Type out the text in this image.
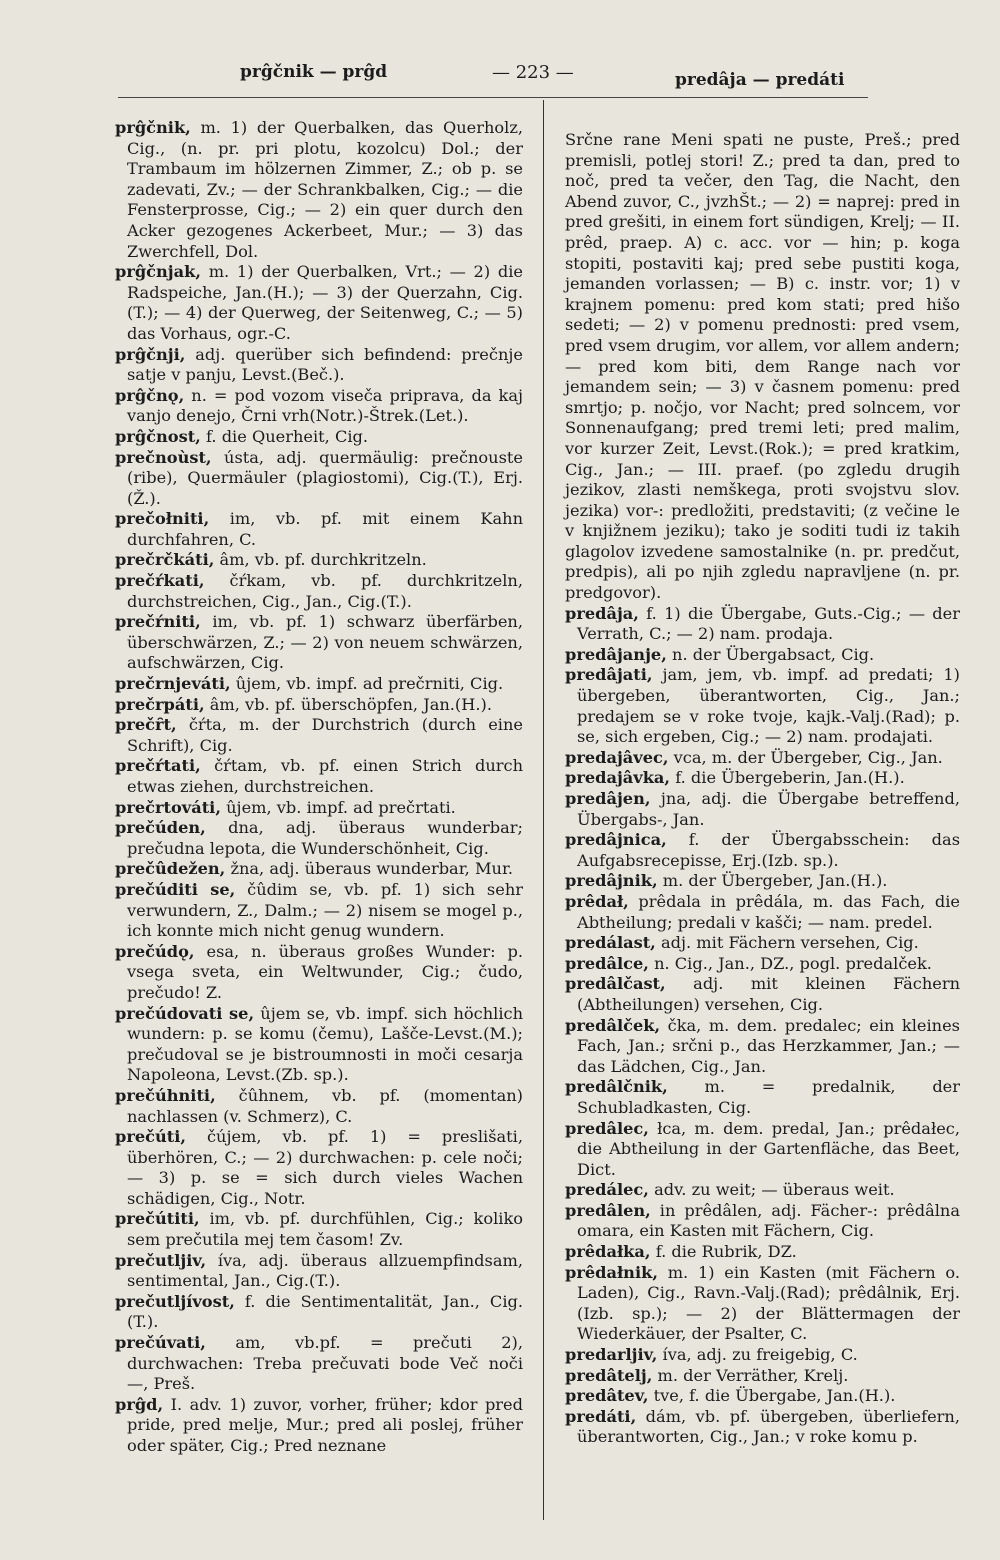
prĝčnik — prĝd	— 223 —	predâja — predáti

prĝčnik, m. 1) der Querbalken, das Querholz, Cig., (n. pr. pri plotu, kozolcu) Dol.; der Trambaum im hölzernen Zimmer, Z.; ob p. se zadevati, Zv.; — der Schrankbalken, Cig.; — die Fensterprosse, Cig.; — 2) ein quer durch den Acker gezogenes Ackerbeet, Mur.; — 3) das Zwerchfell, Dol.

prĝčnjak, m. 1) der Querbalken, Vrt.; — 2) die Radspeiche, Jan.(H.); — 3) der Querzahn, Cig. (T.); — 4) der Querweg, der Seitenweg, C.; — 5) das Vorhaus, ogr.-C.

prĝčnji, adj. querüber sich befindend: prečnje satje v panju, Levst.(Beč.).

prĝčnǫ, n. = pod vozom viseča priprava, da kaj vanjo denejo, Črni vrh(Notr.)-Štrek.(Let.).

prĝčnost, f. die Querheit, Cig.

prečnoùst, ústa, adj. quermäulig: prečnouste (ribe), Quermäuler (plagiostomi), Cig.(T.), Erj.(Ž.).

prečołniti, im, vb. pf. mit einem Kahn durchfahren, C.

prečrčkáti, âm, vb. pf. durchkritzeln.

prečŕkati, čŕkam, vb. pf. durchkritzeln, durchstreichen, Cig., Jan., Cig.(T.).

prečŕniti, im, vb. pf. 1) schwarz überfärben, überschwärzen, Z.; — 2) von neuem schwärzen, aufschwärzen, Cig.

prečrnjeváti, ûjem, vb. impf. ad prečrniti, Cig.

prečrpáti, âm, vb. pf. überschöpfen, Jan.(H.).

prečȓt, čŕta, m. der Durchstrich (durch eine Schrift), Cig.

prečŕtati, čŕtam, vb. pf. einen Strich durch etwas ziehen, durchstreichen.

prečrtováti, ûjem, vb. impf. ad prečrtati.

prečúden, dna, adj. überaus wunderbar; prečudna lepota, die Wunderschönheit, Cig.

prečûdežen, žna, adj. überaus wunderbar, Mur.

prečúditi se, čûdim se, vb. pf. 1) sich sehr verwundern, Z., Dalm.; — 2) nisem se mogel p., ich konnte mich nicht genug wundern.

prečúdǫ, esa, n. überaus großes Wunder: p. vsega sveta, ein Weltwunder, Cig.; čudo, prečudo! Z.

prečúdovati se, ûjem se, vb. impf. sich höchlich wundern: p. se komu (čemu), Lašče-Levst.(M.); prečudoval se je bistroumnosti in moči cesarja Napoleona, Levst.(Zb. sp.).

prečúhniti, čûhnem, vb. pf. (momentan) nachlassen (v. Schmerz), C.

prečúti, čújem, vb. pf. 1) = preslišati, überhören, C.; — 2) durchwachen: p. cele noči; — 3) p. se = sich durch vieles Wachen schädigen, Cig., Notr.

prečútiti, im, vb. pf. durchfühlen, Cig.; koliko sem prečutila mej tem časom! Zv.

prečutljiv, íva, adj. überaus allzuempfindsam, sentimental, Jan., Cig.(T.).

prečutljívost, f. die Sentimentalität, Jan., Cig.(T.).

prečúvati, am, vb.pf. = prečuti 2), durchwachen: Treba prečuvati bode Več noči —, Preš.

prĝd, I. adv. 1) zuvor, vorher, früher; kdor pred pride, pred melje, Mur.; pred ali poslej, früher oder später, Cig.; Pred neznane

Srčne rane Meni spati ne puste, Preš.; pred premisli, potlej stori! Z.; pred ta dan, pred to noč, pred ta večer, den Tag, die Nacht, den Abend zuvor, C., jvzhŠt.; — 2) = naprej: pred in pred grešiti, in einem fort sündigen, Krelj; — II. prêd, praep. A) c. acc. vor — hin; p. koga stopiti, postaviti kaj; pred sebe pustiti koga, jemanden vorlassen; — B) c. instr. vor; 1) v krajnem pomenu: pred kom stati; pred hišo sedeti; — 2) v pomenu prednosti: pred vsem, pred vsem drugim, vor allem, vor allem andern; — pred kom biti, dem Range nach vor jemandem sein; — 3) v časnem pomenu: pred smrtjo; p. nočjo, vor Nacht; pred solncem, vor Sonnenaufgang; pred tremi leti; pred malim, vor kurzer Zeit, Levst.(Rok.); = pred kratkim, Cig., Jan.; — III. praef. (po zgledu drugih jezikov, zlasti nemškega, proti svojstvu slov. jezika) vor-: predložiti, predstaviti; (z večine le v knjižnem jeziku); tako je soditi tudi iz takih glagolov izvedene samostalnike (n. pr. predčut, predpis), ali po njih zgledu napravljene (n. pr. predgovor).

predâja, f. 1) die Übergabe, Guts.-Cig.; — der Verrath, C.; — 2) nam. prodaja.

predâjanje, n. der Übergabsact, Cig.

predâjati, jam, jem, vb. impf. ad predati; 1) übergeben, überantworten, Cig., Jan.; predajem se v roke tvoje, kajk.-Valj.(Rad); p. se, sich ergeben, Cig.; — 2) nam. prodajati.

predajâvec, vca, m. der Übergeber, Cig., Jan.

predajâvka, f. die Übergeberin, Jan.(H.).

predâjen, jna, adj. die Übergabe betreffend, Übergabs-, Jan.

predâjnica, f. der Übergabsschein: das Aufgabsrecepisse, Erj.(Izb. sp.).

predâjnik, m. der Übergeber, Jan.(H.).

prêdał, prêdala in prêdála, m. das Fach, die Abtheilung; predali v kašči; — nam. predel.

predálast, adj. mit Fächern versehen, Cig.

predâlce, n. Cig., Jan., DZ., pogl. predalček.

predâlčast, adj. mit kleinen Fächern (Abtheilungen) versehen, Cig.

predâlček, čka, m. dem. predalec; ein kleines Fach, Jan.; srčni p., das Herzkammer, Jan.; — das Lädchen, Cig., Jan.

predâlčnik, m. = predalnik, der Schubladkasten, Cig.

predâlec, łca, m. dem. predal, Jan.; prêdałec, die Abtheilung in der Gartenfläche, das Beet, Dict.

predálec, adv. zu weit; — überaus weit.

predâlen, in prêdâlen, adj. Fächer-: prêdâlna omara, ein Kasten mit Fächern, Cig.

prêdałka, f. die Rubrik, DZ.

prêdałnik, m. 1) ein Kasten (mit Fächern o. Laden), Cig., Ravn.-Valj.(Rad); prêdâlnik, Erj.(Izb. sp.); — 2) der Blättermagen der Wiederkäuer, der Psalter, C.

predarljiv, íva, adj. zu freigebig, C.

predâtelj, m. der Verräther, Krelj.

predâtev, tve, f. die Übergabe, Jan.(H.).

predáti, dám, vb. pf. übergeben, überliefern, überantworten, Cig., Jan.; v roke komu p.
